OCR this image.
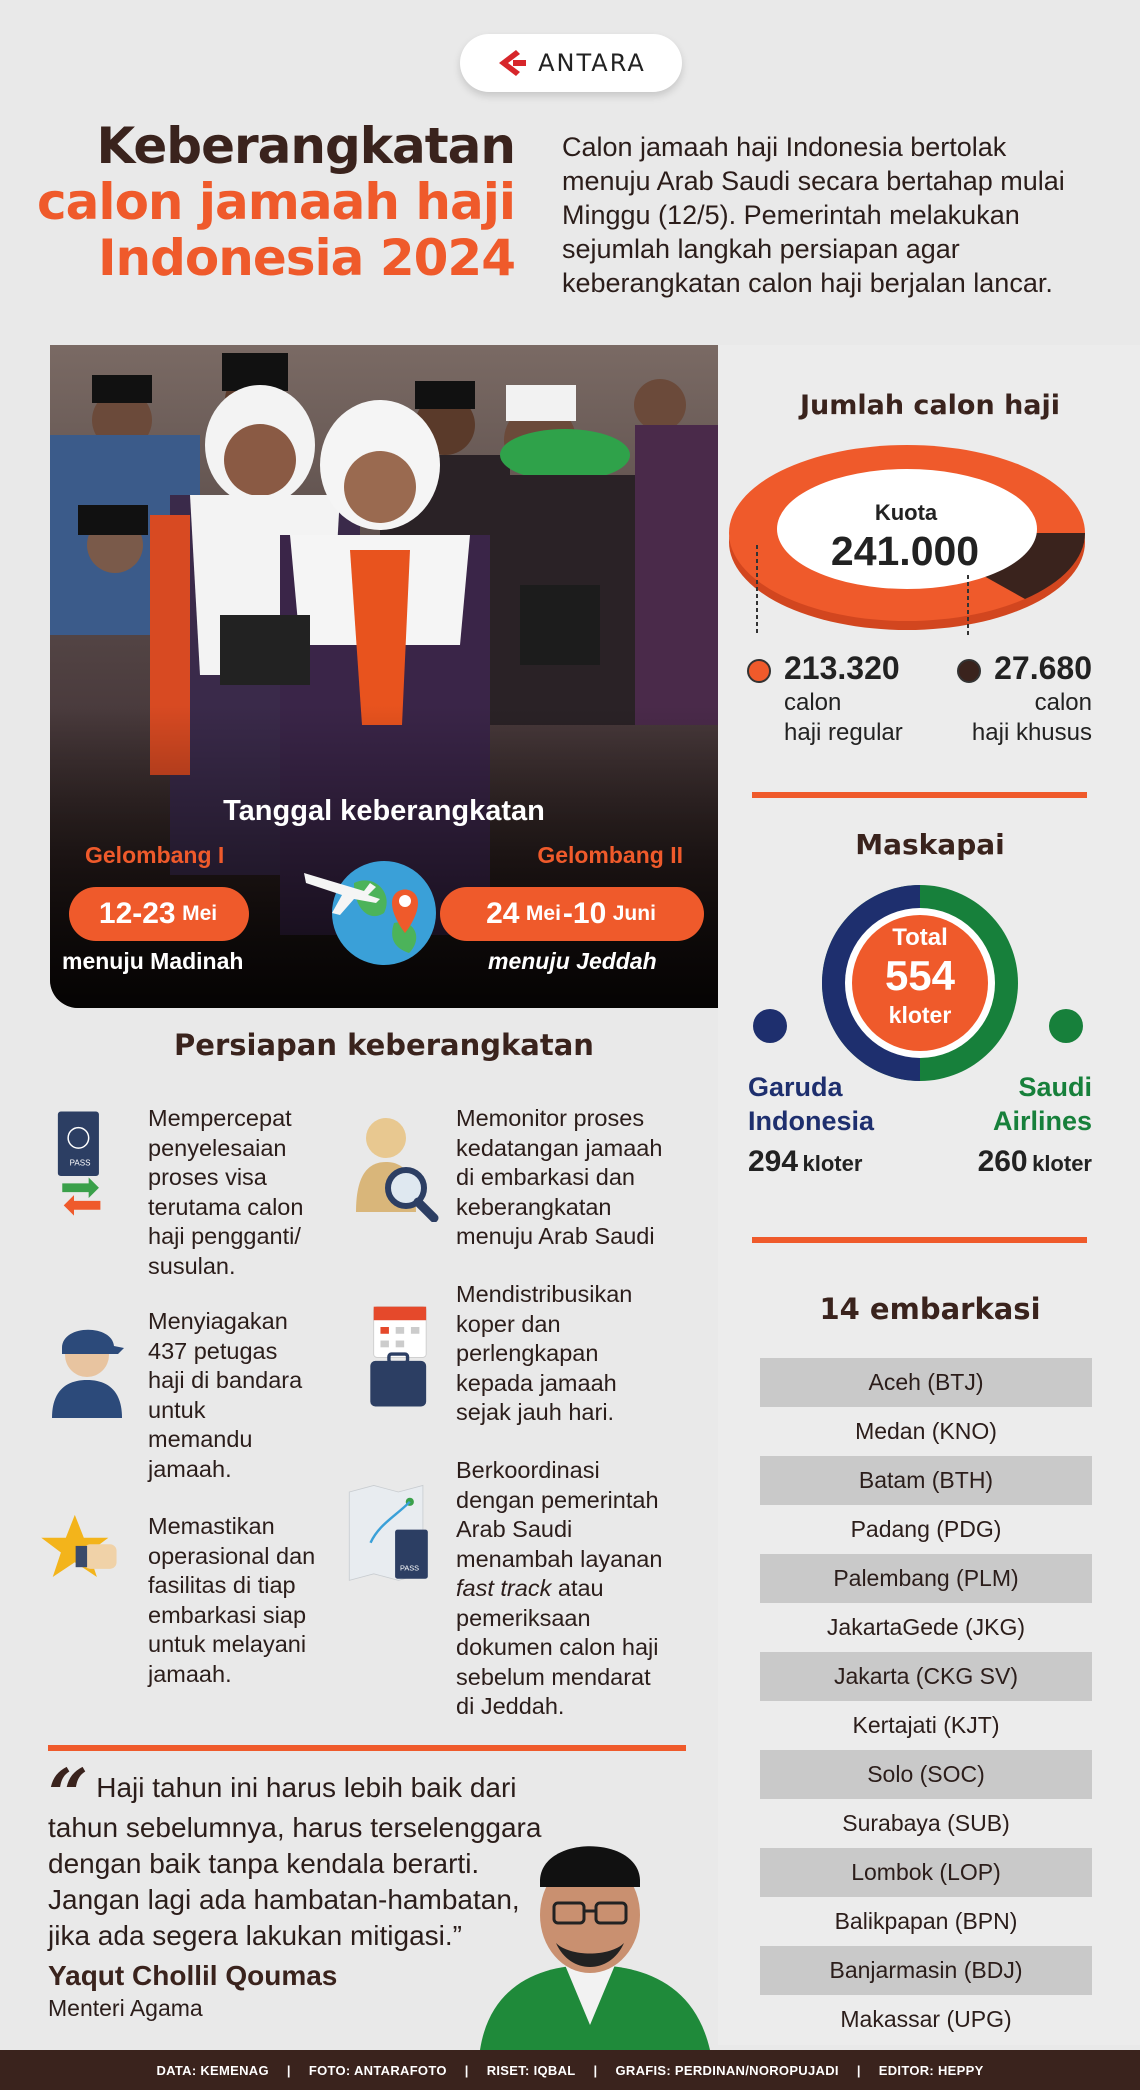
ANTARA
Keberangkatan
calon jamaah haji
Indonesia 2024
Calon jamaah haji Indonesia bertolak menuju Arab Saudi secara bertahap mulai Minggu (12/5). Pemerintah melakukan sejumlah langkah persiapan agar keberangkatan calon haji berjalan lancar.
Tanggal keberangkatan
Gelombang I	Gelombang II
12-23
Mei	24
Mei -10
Juni
menuju Madinah	menuju Jeddah
Jumlah calon haji
Kuota
241.000
213.320
calon
haji regular
27.680
calon
haji khusus
Maskapai
Total
554
kloter
Garuda
Indonesia
Saudi
Airlines
294 kloter	260 kloter
14 embarkasi
Aceh (BTJ)
Medan (KNO)
Batam (BTH)
Padang (PDG)
Palembang (PLM)
JakartaGede (JKG)
Jakarta (CKG SV)
Kertajati (KJT)
Solo (SOC)
Surabaya (SUB)
Lombok (LOP)
Balikpapan (BPN)
Banjarmasin (BDJ)
Makassar (UPG)
Persiapan keberangkatan
PASS
Mempercepat
penyelesaian
proses visa
terutama calon
haji pengganti/
susulan.
Menyiagakan
437 petugas
haji di bandara
untuk
memandu
jamaah.
Memastikan
operasional dan
fasilitas di tiap
embarkasi siap
untuk melayani
jamaah.
Memonitor proses
kedatangan jamaah
di embarkasi dan
keberangkatan
menuju Arab Saudi
Mendistribusikan
koper dan
perlengkapan
kepada jamaah
sejak jauh hari.
PASS
Berkoordinasi
dengan pemerintah
Arab Saudi
menambah layanan
fast track atau
pemeriksaan
dokumen calon haji
sebelum mendarat
di Jeddah.
“ Haji tahun ini harus lebih baik dari
tahun sebelumnya, harus terselenggara
dengan baik tanpa kendala berarti.
Jangan lagi ada hambatan-hambatan,
jika ada segera lakukan mitigasi.”
Yaqut Chollil Qoumas
Menteri Agama
DATA: KEMENAG | FOTO: ANTARAFOTO | RISET: IQBAL | GRAFIS: PERDINAN/NOROPUJADI | EDITOR: HEPPY
